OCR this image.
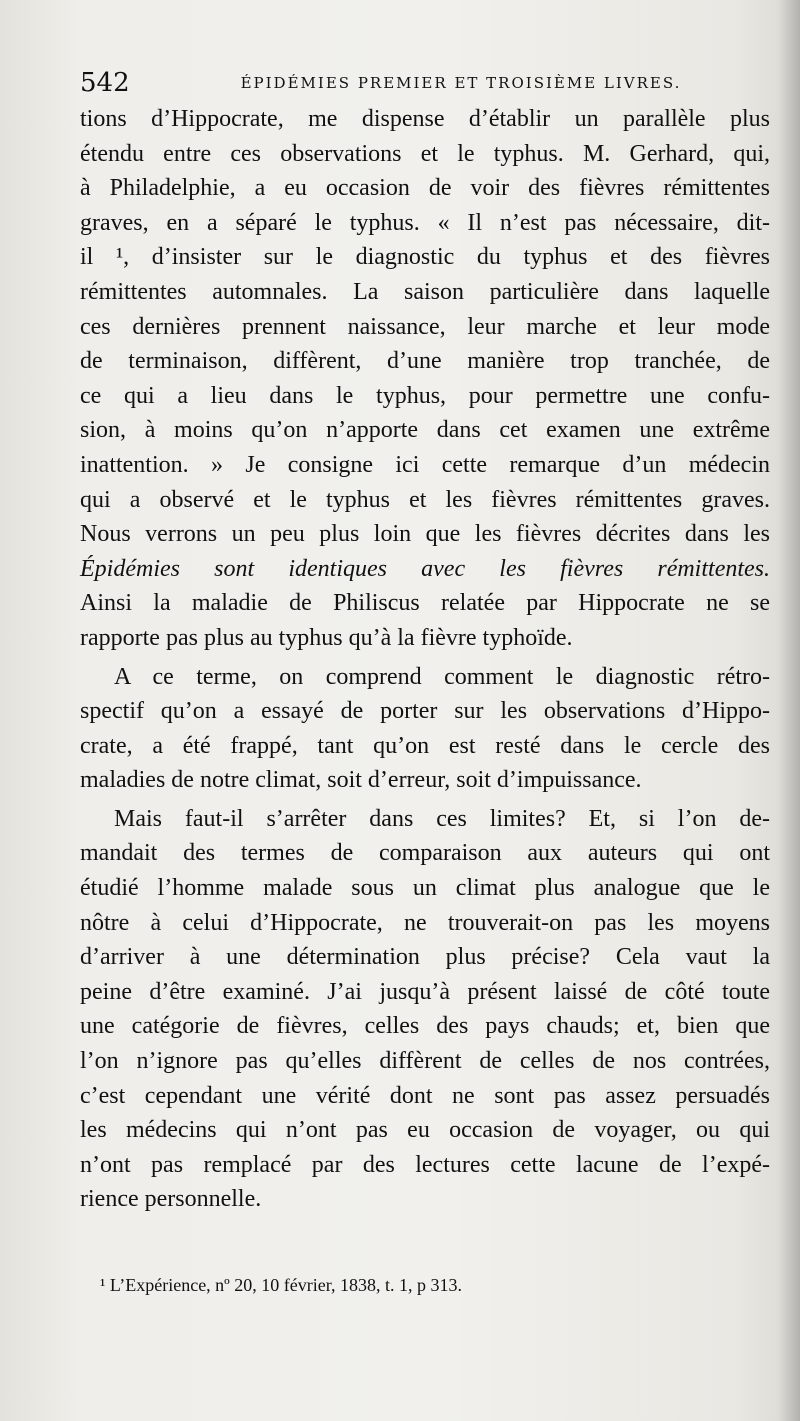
542	ÉPIDÉMIES PREMIER ET TROISIÈME LIVRES.
tions d’Hippocrate, me dispense d’établir un parallèle plus
étendu entre ces observations et le typhus. M. Gerhard, qui,
à Philadelphie, a eu occasion de voir des fièvres rémittentes
graves, en a séparé le typhus. « Il n’est pas nécessaire, dit-
il ¹, d’insister sur le diagnostic du typhus et des fièvres
rémittentes automnales. La saison particulière dans laquelle
ces dernières prennent naissance, leur marche et leur mode
de terminaison, diffèrent, d’une manière trop tranchée, de
ce qui a lieu dans le typhus, pour permettre une confu-
sion, à moins qu’on n’apporte dans cet examen une extrême
inattention. » Je consigne ici cette remarque d’un médecin
qui a observé et le typhus et les fièvres rémittentes graves.
Nous verrons un peu plus loin que les fièvres décrites dans les
Épidémies sont identiques avec les fièvres rémittentes.
Ainsi la maladie de Philiscus relatée par Hippocrate ne se
rapporte pas plus au typhus qu’à la fièvre typhoïde.
A ce terme, on comprend comment le diagnostic rétro-
spectif qu’on a essayé de porter sur les observations d’Hippo-
crate, a été frappé, tant qu’on est resté dans le cercle des
maladies de notre climat, soit d’erreur, soit d’impuissance.
Mais faut-il s’arrêter dans ces limites? Et, si l’on de-
mandait des termes de comparaison aux auteurs qui ont
étudié l’homme malade sous un climat plus analogue que le
nôtre à celui d’Hippocrate, ne trouverait-on pas les moyens
d’arriver à une détermination plus précise? Cela vaut la
peine d’être examiné. J’ai jusqu’à présent laissé de côté toute
une catégorie de fièvres, celles des pays chauds; et, bien que
l’on n’ignore pas qu’elles diffèrent de celles de nos contrées,
c’est cependant une vérité dont ne sont pas assez persuadés
les médecins qui n’ont pas eu occasion de voyager, ou qui
n’ont pas remplacé par des lectures cette lacune de l’expé-
rience personnelle.
¹ L’Expérience, nº 20, 10 février, 1838, t. 1, p 313.
